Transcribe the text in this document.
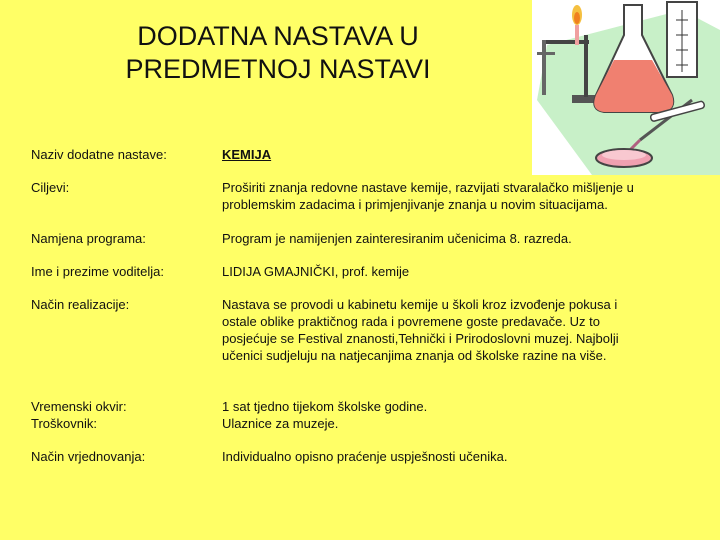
DODATNA NASTAVA U PREDMETNOJ NASTAVI
Naziv dodatne nastave:	KEMIJA
Ciljevi:	Proširiti znanja redovne nastave kemije, razvijati stvaralačko mišljenje u problemskim zadacima i primjenjivanje znanja u novim situacijama.
Namjena programa:	Program je namijenjen zainteresiranim učenicima 8. razreda.
Ime i prezime voditelja:	LIDIJA GMAJNIČKI, prof. kemije
Način realizacije:	Nastava se provodi u kabinetu kemije u školi kroz izvođenje pokusa i ostale oblike praktičnog rada i povremene goste predavače. Uz to posjećuje se Festival znanosti,Tehnički i Prirodoslovni muzej. Najbolji učenici sudjeluju na natjecanjima znanja od školske razine na više.
Vremenski okvir:	1 sat tjedno tijekom školske godine.
Troškovnik:	Ulaznice za muzeje.
Način vrjednovanja:	Individualno opisno praćenje uspješnosti učenika.
